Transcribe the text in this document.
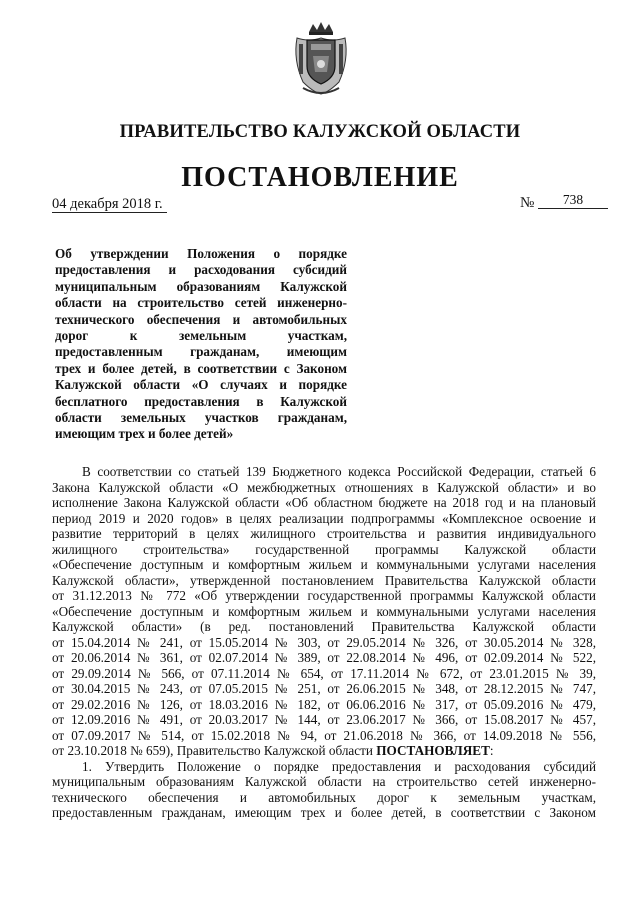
ПРАВИТЕЛЬСТВО КАЛУЖСКОЙ ОБЛАСТИ
ПОСТАНОВЛЕНИЕ
04 декабря 2018 г.	№	738
Об утверждении Положения о порядке
предоставления и расходования субсидий
муниципальным образованиям Калужской
области на строительство сетей инженерно-
технического обеспечения и автомобильных
дорог к земельным участкам,
предоставленным гражданам, имеющим
трех и более детей, в соответствии с Законом
Калужской области «О случаях и порядке
бесплатного предоставления в Калужской
области земельных участков гражданам,
имеющим трех и более детей»
В соответствии со статьей 139 Бюджетного кодекса Российской Федерации, статьей 6
Закона Калужской области «О межбюджетных отношениях в Калужской области» и во
исполнение Закона Калужской области «Об областном бюджете на 2018 год и на плановый
период 2019 и 2020 годов» в целях реализации подпрограммы «Комплексное освоение и
развитие территорий в целях жилищного строительства и развития индивидуального
жилищного строительства» государственной программы Калужской области
«Обеспечение доступным и комфортным жильем и коммунальными услугами населения
Калужской области», утвержденной постановлением Правительства Калужской области
от 31.12.2013 № 772 «Об утверждении государственной программы Калужской области
«Обеспечение доступным и комфортным жильем и коммунальными услугами населения
Калужской области» (в ред. постановлений Правительства Калужской области
от 15.04.2014 № 241, от 15.05.2014 № 303, от 29.05.2014 № 326, от 30.05.2014 № 328,
от 20.06.2014 № 361, от 02.07.2014 № 389, от 22.08.2014 № 496, от 02.09.2014 № 522,
от 29.09.2014 № 566, от 07.11.2014 № 654, от 17.11.2014 № 672, от 23.01.2015 № 39,
от 30.04.2015 № 243, от 07.05.2015 № 251, от 26.06.2015 № 348, от 28.12.2015 № 747,
от 29.02.2016 № 126, от 18.03.2016 № 182, от 06.06.2016 № 317, от 05.09.2016 № 479,
от 12.09.2016 № 491, от 20.03.2017 № 144, от 23.06.2017 № 366, от 15.08.2017 № 457,
от 07.09.2017 № 514, от 15.02.2018 № 94, от 21.06.2018 № 366, от 14.09.2018 № 556,
от 23.10.2018 № 659), Правительство Калужской области ПОСТАНОВЛЯЕТ:
1. Утвердить Положение о порядке предоставления и расходования субсидий
муниципальным образованиям Калужской области на строительство сетей инженерно-
технического обеспечения и автомобильных дорог к земельным участкам,
предоставленным гражданам, имеющим трех и более детей, в соответствии с Законом
